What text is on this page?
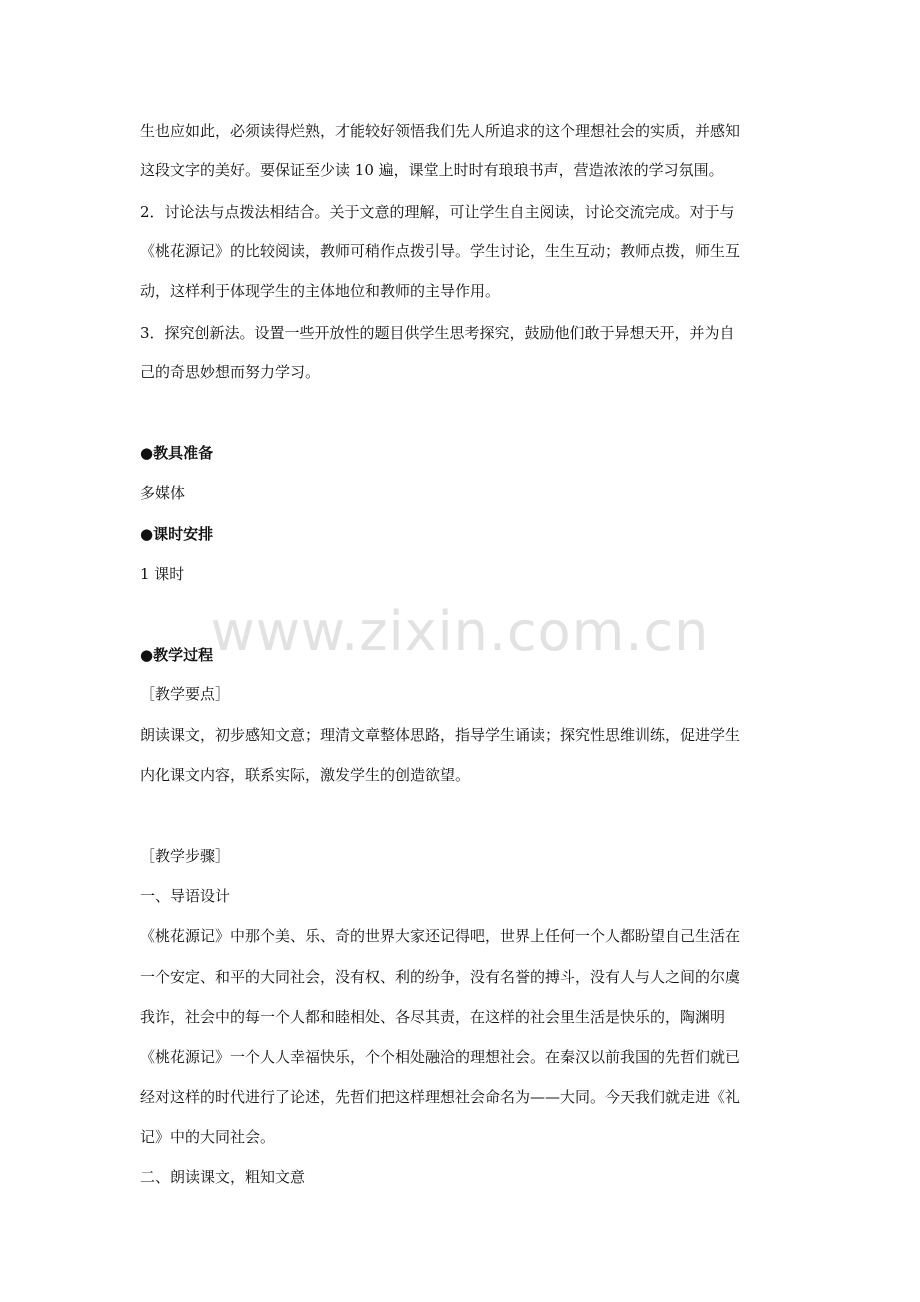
生也应如此，必须读得烂熟，才能较好领悟我们先人所追求的这个理想社会的实质，并感知
这段文字的美好。要保证至少读 10 遍，课堂上时时有琅琅书声，营造浓浓的学习氛围。
2．讨论法与点拨法相结合。关于文意的理解，可让学生自主阅读，讨论交流完成。对于与
《桃花源记》的比较阅读，教师可稍作点拨引导。学生讨论，生生互动；教师点拨，师生互
动，这样利于体现学生的主体地位和教师的主导作用。
3．探究创新法。设置一些开放性的题目供学生思考探究，鼓励他们敢于异想天开，并为自
己的奇思妙想而努力学习。
●教具准备
多媒体
●课时安排
1 课时
●教学过程
［教学要点］
朗读课文，初步感知文意；理清文章整体思路，指导学生诵读；探究性思维训练，促进学生
内化课文内容，联系实际，激发学生的创造欲望。
［教学步骤］
一、导语设计
《桃花源记》中那个美、乐、奇的世界大家还记得吧，世界上任何一个人都盼望自己生活在
一个安定、和平的大同社会，没有权、利的纷争，没有名誉的搏斗，没有人与人之间的尔虞
我诈，社会中的每一个人都和睦相处、各尽其责，在这样的社会里生活是快乐的，陶渊明
《桃花源记》一个人人幸福快乐，个个相处融洽的理想社会。在秦汉以前我国的先哲们就已
经对这样的时代进行了论述，先哲们把这样理想社会命名为——大同。今天我们就走进《礼
记》中的大同社会。
二、朗读课文，粗知文意
www.zixin.com.cn
